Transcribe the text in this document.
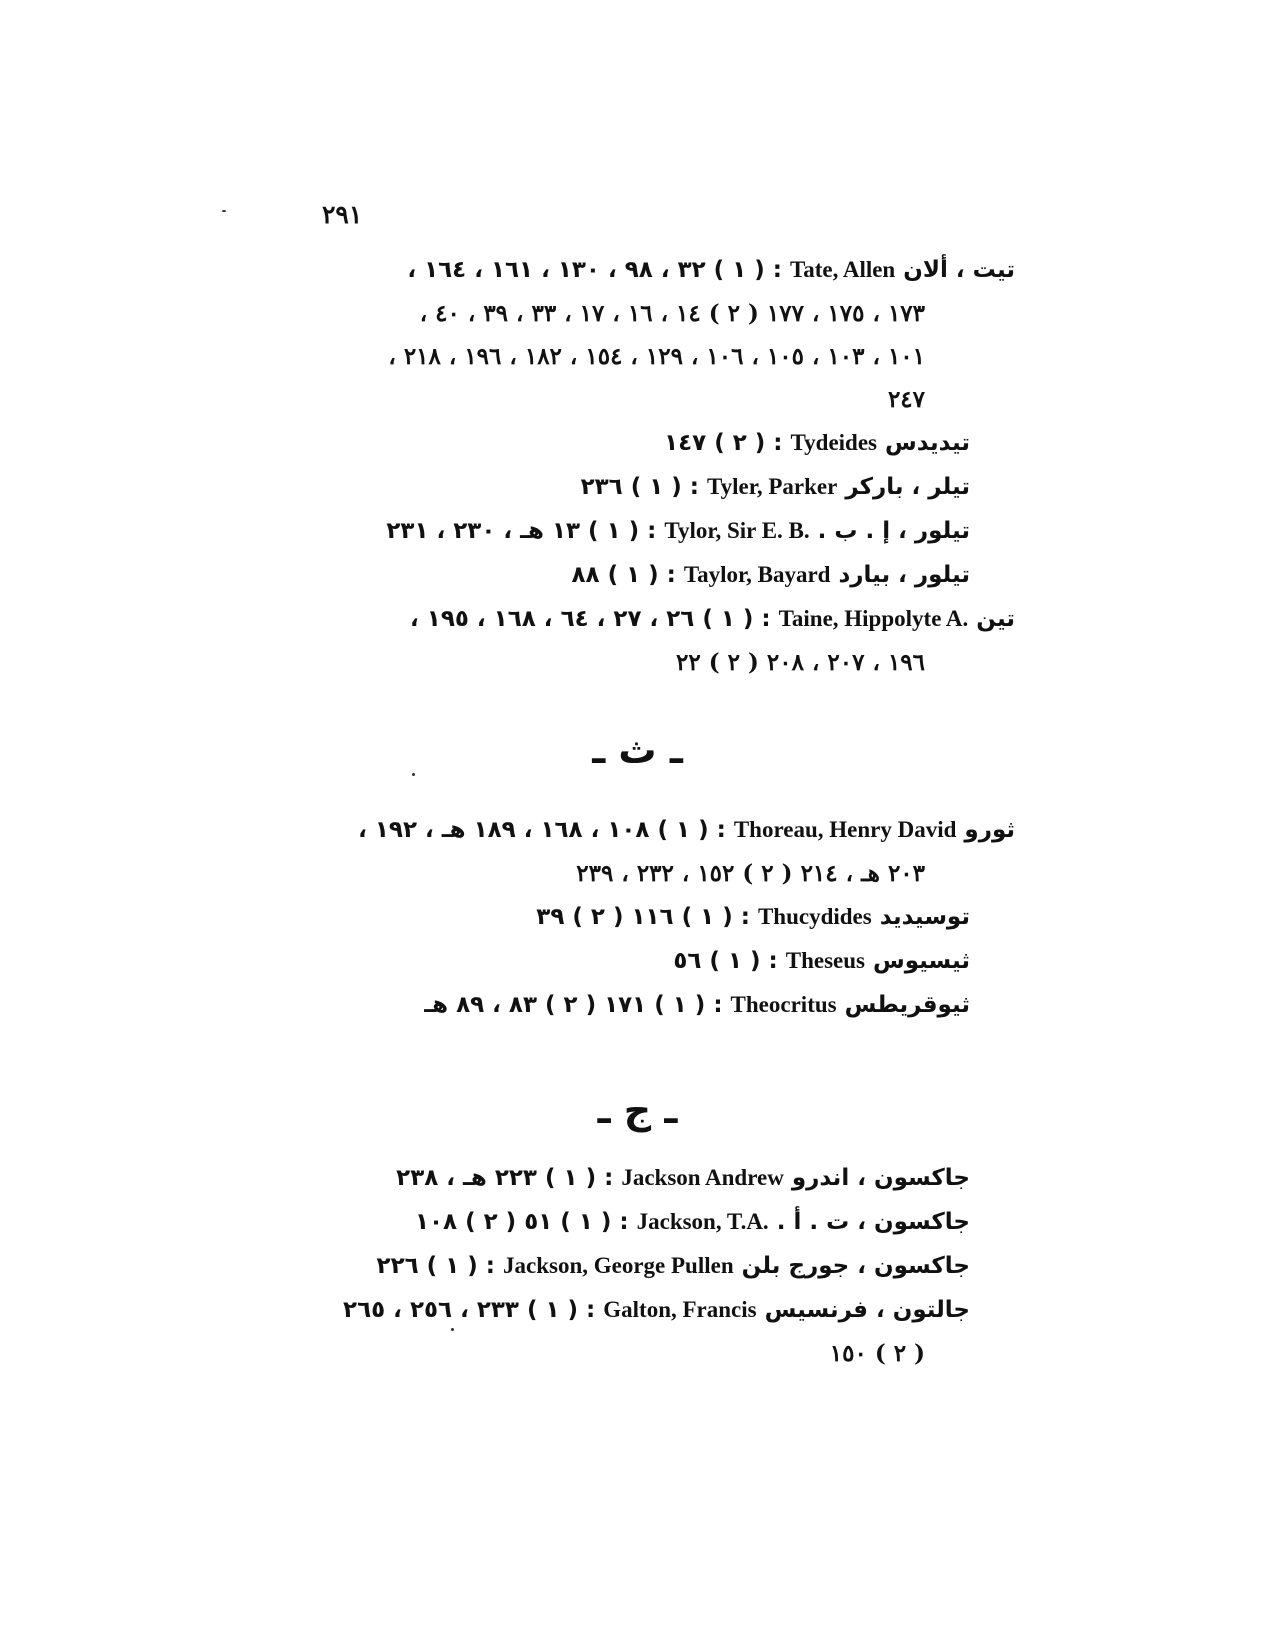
٢٩١
تيت ، ألان Tate, Allen : ( ١ ) ٣٢ ، ٩٨ ، ١٣٠ ، ١٦١ ، ١٦٤ ،
١٧٣ ، ١٧٥ ، ١٧٧ ( ٢ ) ١٤ ، ١٦ ، ١٧ ، ٣٣ ، ٣٩ ، ٤٠ ،
١٠١ ، ١٠٣ ، ١٠٥ ، ١٠٦ ، ١٢٩ ، ١٥٤ ، ١٨٢ ، ١٩٦ ، ٢١٨ ،
٢٤٧
تيديدس Tydeides : ( ٢ ) ١٤٧
تيلر ، باركر Tyler, Parker : ( ١ ) ٢٣٦
تيلور ، إ . ب . Tylor, Sir E. B. : ( ١ ) ١٣ هـ ، ٢٣٠ ، ٢٣١
تيلور ، بيارد Taylor, Bayard : ( ١ ) ٨٨
تين Taine, Hippolyte A. : ( ١ ) ٢٦ ، ٢٧ ، ٦٤ ، ١٦٨ ، ١٩٥ ،
١٩٦ ، ٢٠٧ ، ٢٠٨ ( ٢ ) ٢٢
ـ ث ـ
ثورو Thoreau, Henry David : ( ١ ) ١٠٨ ، ١٦٨ ، ١٨٩ هـ ، ١٩٢ ،
٢٠٣ هـ ، ٢١٤ ( ٢ ) ١٥٢ ، ٢٣٢ ، ٢٣٩
توسيديد Thucydides : ( ١ ) ١١٦ ( ٢ ) ٣٩
ثيسيوس Theseus : ( ١ ) ٥٦
ثيوقريطس Theocritus : ( ١ ) ١٧١ ( ٢ ) ٨٣ ، ٨٩ هـ
ـ ج ـ
جاكسون ، اندرو Jackson Andrew : ( ١ ) ٢٢٣ هـ ، ٢٣٨
جاكسون ، ت . أ . Jackson, T.A. : ( ١ ) ٥١ ( ٢ ) ١٠٨
جاكسون ، جورج بلن Jackson, George Pullen : ( ١ ) ٢٢٦
جالتون ، فرنسيس Galton, Francis : ( ١ ) ٢٣٣ ، ٢٥٦ ، ٢٦٥
( ٢ ) ١٥٠
